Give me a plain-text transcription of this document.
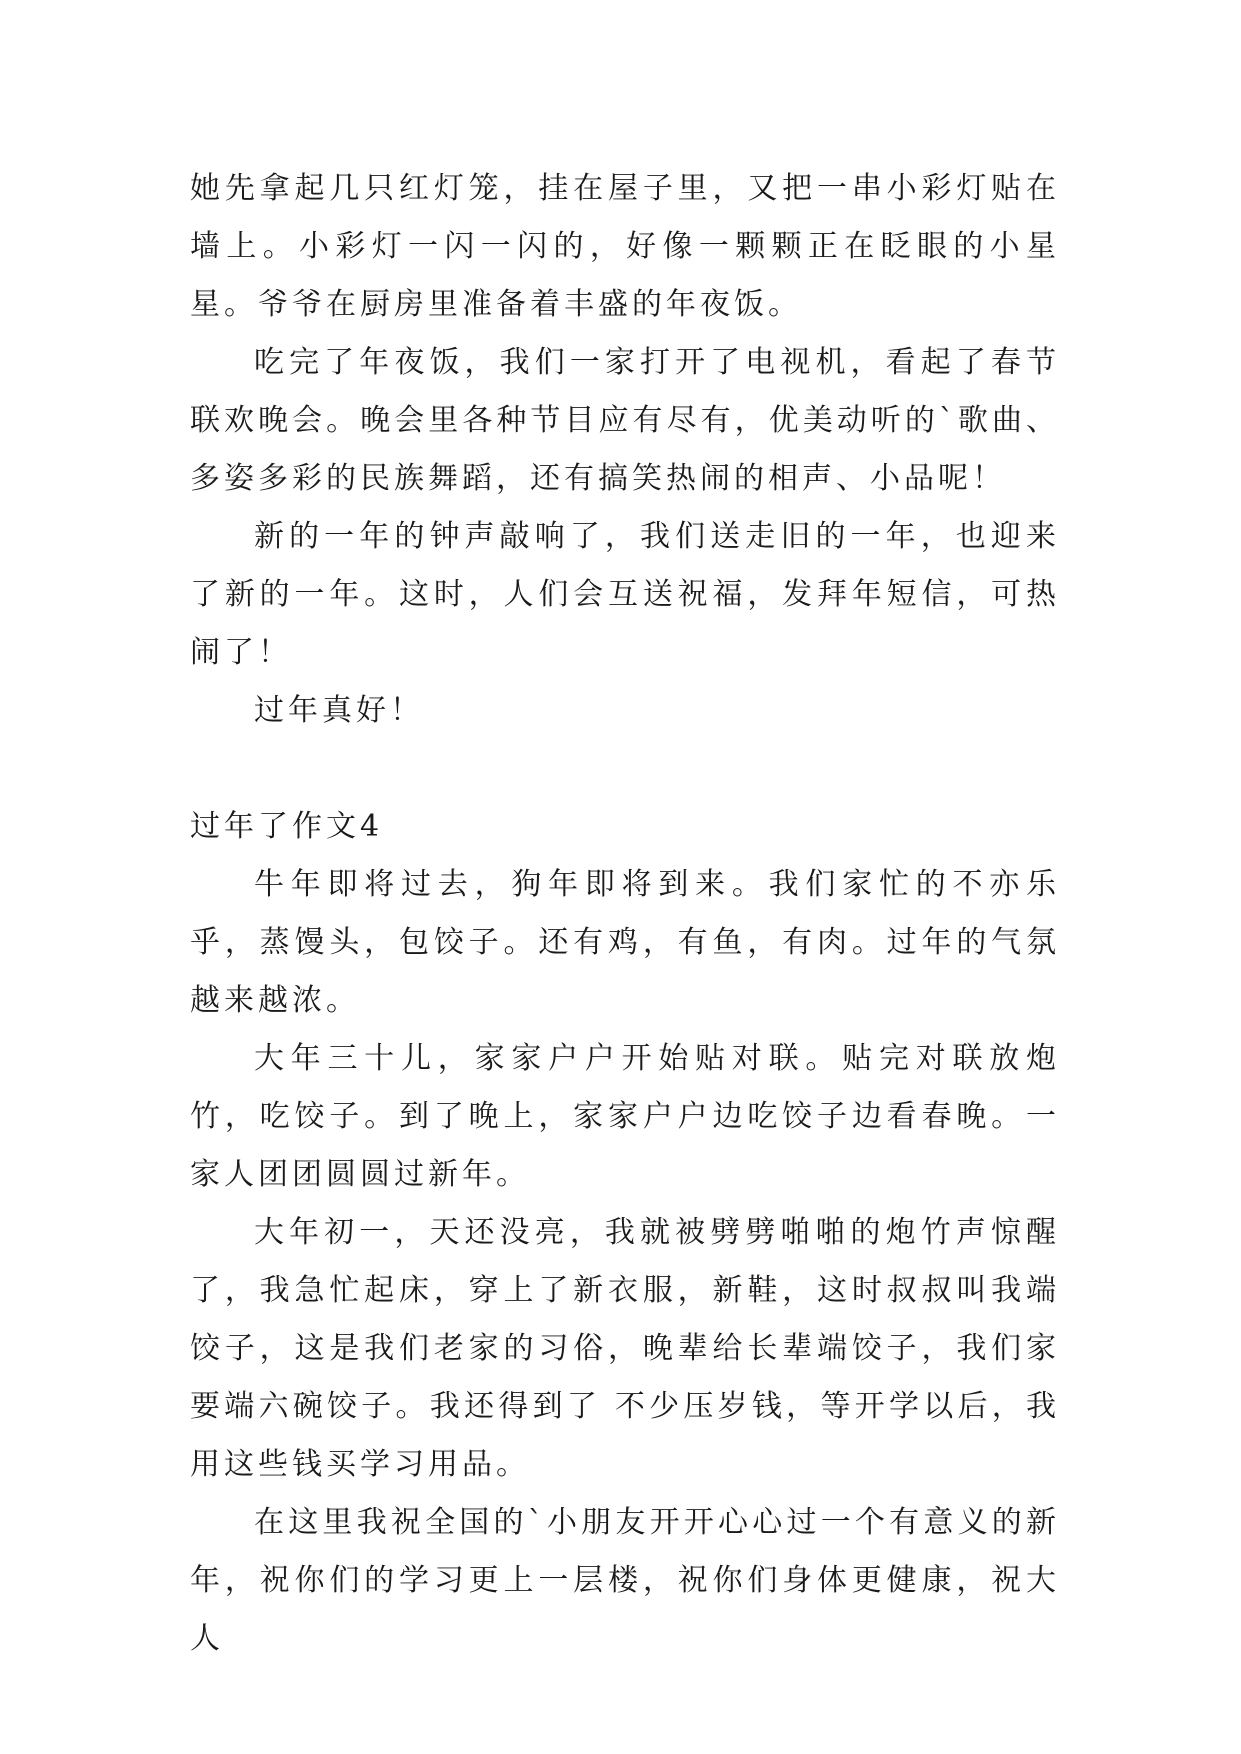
她先拿起几只红灯笼，挂在屋子里，又把一串小彩灯贴在墙上。小彩灯一闪一闪的，好像一颗颗正在眨眼的小星星。爷爷在厨房里准备着丰盛的年夜饭。

吃完了年夜饭，我们一家打开了电视机，看起了春节联欢晚会。晚会里各种节目应有尽有，优美动听的`歌曲、多姿多彩的民族舞蹈，还有搞笑热闹的相声、小品呢！

新的一年的钟声敲响了，我们送走旧的一年，也迎来了新的一年。这时，人们会互送祝福，发拜年短信，可热闹了！

过年真好！

过年了作文4

牛年即将过去，狗年即将到来。我们家忙的不亦乐乎，蒸馒头，包饺子。还有鸡，有鱼，有肉。过年的气氛越来越浓。

大年三十儿，家家户户开始贴对联。贴完对联放炮竹，吃饺子。到了晚上，家家户户边吃饺子边看春晚。一家人团团圆圆过新年。

大年初一，天还没亮，我就被劈劈啪啪的炮竹声惊醒了，我急忙起床，穿上了新衣服，新鞋，这时叔叔叫我端饺子，这是我们老家的习俗，晚辈给长辈端饺子，我们家要端六碗饺子。我还得到了 不少压岁钱，等开学以后，我用这些钱买学习用品。

在这里我祝全国的`小朋友开开心心过一个有意义的新年，祝你们的学习更上一层楼，祝你们身体更健康，祝大人
